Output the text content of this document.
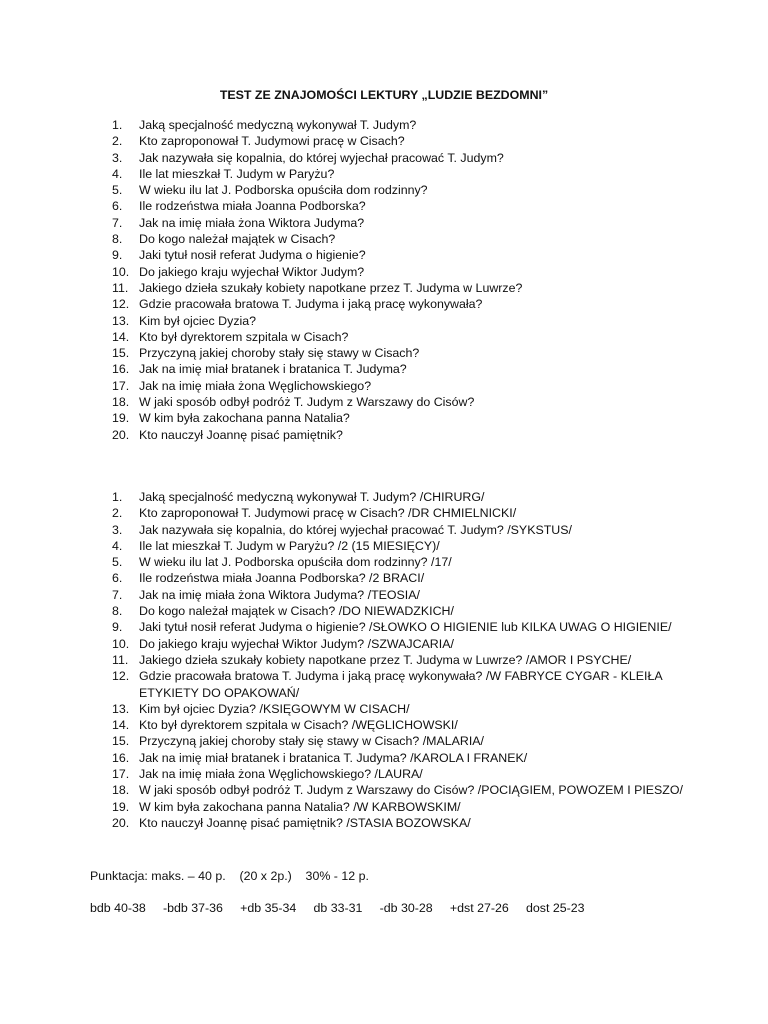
TEST ZE ZNAJOMOŚCI LEKTURY „LUDZIE BEZDOMNI”
1. Jaką specjalność medyczną wykonywał T. Judym?
2. Kto zaproponował T. Judymowi pracę w Cisach?
3. Jak nazywała się kopalnia, do której wyjechał pracować T. Judym?
4. Ile lat mieszkał T. Judym w Paryżu?
5. W wieku ilu lat J. Podborska opuściła dom rodzinny?
6. Ile rodzeństwa miała Joanna Podborska?
7. Jak na imię miała żona Wiktora Judyma?
8. Do kogo należał majątek w Cisach?
9. Jaki tytuł nosił referat Judyma o higienie?
10. Do jakiego kraju wyjechał Wiktor Judym?
11. Jakiego dzieła szukały kobiety napotkane przez T. Judyma w Luwrze?
12. Gdzie pracowała bratowa T. Judyma i jaką pracę wykonywała?
13. Kim był ojciec Dyzia?
14. Kto był dyrektorem szpitala w Cisach?
15. Przyczyną jakiej choroby stały się stawy w Cisach?
16. Jak na imię miał bratanek i bratanica T. Judyma?
17. Jak na imię miała żona Węglichowskiego?
18. W jaki sposób odbył podróż T. Judym z Warszawy do Cisów?
19. W kim była zakochana panna Natalia?
20. Kto nauczył Joannę pisać pamiętnik?
1. Jaką specjalność medyczną wykonywał T. Judym? /CHIRURG/
2. Kto zaproponował T. Judymowi pracę w Cisach? /DR CHMIELNICKI/
3. Jak nazywała się kopalnia, do której wyjechał pracować T. Judym? /SYKSTUS/
4. Ile lat mieszkał T. Judym w Paryżu? /2 (15 MIESIĘCY)/
5. W wieku ilu lat J. Podborska opuściła dom rodzinny? /17/
6. Ile rodzeństwa miała Joanna Podborska? /2 BRACI/
7. Jak na imię miała żona Wiktora Judyma? /TEOSIA/
8. Do kogo należał majątek w Cisach? /DO NIEWADZKICH/
9. Jaki tytuł nosił referat Judyma o higienie? /SŁOWKO O HIGIENIE lub KILKA UWAG O HIGIENIE/
10. Do jakiego kraju wyjechał Wiktor Judym? /SZWAJCARIA/
11. Jakiego dzieła szukały kobiety napotkane przez T. Judyma w Luwrze? /AMOR I PSYCHE/
12. Gdzie pracowała bratowa T. Judyma i jaką pracę wykonywała? /W FABRYCE CYGAR - KLEIŁA ETYKIETY DO OPAKOWAŃ/
13. Kim był ojciec Dyzia? /KSIĘGOWYM W CISACH/
14. Kto był dyrektorem szpitala w Cisach? /WĘGLICHOWSKI/
15. Przyczyną jakiej choroby stały się stawy w Cisach? /MALARIA/
16. Jak na imię miał bratanek i bratanica T. Judyma? /KAROLA I FRANEK/
17. Jak na imię miała żona Węglichowskiego? /LAURA/
18. W jaki sposób odbył podróż T. Judym z Warszawy do Cisów? /POCIĄGIEM, POWOZEM I PIESZO/
19. W kim była zakochana panna Natalia? /W KARBOWSKIM/
20. Kto nauczył Joannę pisać pamiętnik? /STASIA BOZOWSKA/
Punktacja: maks. – 40 p.    (20 x 2p.)    30% - 12 p.
bdb 40-38     -bdb 37-36     +db 35-34     db 33-31     -db 30-28     +dst 27-26     dost 25-23
